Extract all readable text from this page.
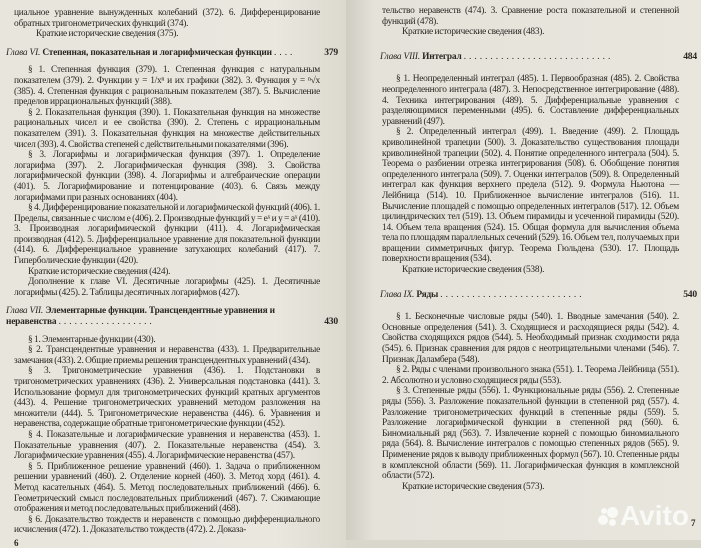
циальное уравнение вынужденных колебаний (372). 6. Дифференцирование обратных тригонометрических функций (374).

Краткие исторические сведения (375).

Глава VI. Степенная, показательная и логарифмическая функции ....	379

§ 1. Степенная функция (379). 1. Степенная функция с натуральным показателем (379). 2. Функции y = 1/xⁿ и их графики (382). 3. Функция y = ⁿ√x (385). 4. Степенная функция с рациональным показателем (387). 5. Вычисление пределов иррациональных функций (388).

§ 2. Показательная функция (390). 1. Показательная функция на множестве рациональных чисел и ее свойства (390). 2. Степень с иррациональным показателем (391). 3. Показательная функция на множестве действительных чисел (393). 4. Свойства степеней с действительными показателями (396).

§ 3. Логарифмы и логарифмическая функция (397). 1. Определение логарифма (397). 2. Логарифмическая функция (398). 3. Свойства логарифмической функции (398). 4. Логарифмы и алгебраические операции (401). 5. Логарифмирование и потенцирование (403). 6. Связь между логарифмами при разных основаниях (404).

§ 4. Дифференцирование показательной и логарифмической функций (406). 1. Пределы, связанные с числом e (406). 2. Производные функций y = eˣ и y = aˣ (410). 3. Производная логарифмической функции (411). 4. Логарифмическая производная (412). 5. Дифференциальное уравнение для показательной функции (414). 6. Дифференциальное уравнение затухающих колебаний (417). 7. Гиперболические функции (420).

Краткие исторические сведения (424).

Дополнение к главе VI. Десятичные логарифмы (425). 1. Десятичные логарифмы (425). 2. Таблицы десятичных логарифмов (427).

Глава VII. Элементарные функции. Трансцендентные уравнения и неравенства ..................	430

§ 1. Элементарные функции (430).

§ 2. Трансцендентные уравнения и неравенства (433). 1. Предварительные замечания (433). 2. Общие приемы решения трансцендентных уравнений (434).

§ 3. Тригонометрические уравнения (436). 1. Подстановки в тригонометрических уравнениях (436). 2. Универсальная подстановка (441). 3. Использование формул для тригонометрических функций кратных аргументов (443). 4. Решение тригонометрических уравнений методом разложения на множители (444). 5. Тригонометрические неравенства (446). 6. Уравнения и неравенства, содержащие обратные тригонометрические функции (452).

§ 4. Показательные и логарифмические уравнения и неравенства (453). 1. Показательные уравнения (407). 2. Показательные неравенства (454). 3. Логарифмические уравнения (455). 4. Логарифмические неравенства (457).

§ 5. Приближенное решение уравнений (460). 1. Задача о приближенном решении уравнений (460). 2. Отделение корней (460). 3. Метод хорд (461). 4. Метод касательных (464). 5. Метод последовательных приближений (466). 6. Геометрический смысл последовательных приближений (467). 7. Сжимающие отображения и метод последовательных приближений (468).

§ 6. Доказательство тождеств и неравенств с помощью дифференциального исчисления (472). 1. Доказательство тождеств (472). 2. Доказа-

6

тельство неравенств (474). 3. Сравнение роста показательной и степенной функций (478).

Краткие исторические сведения (483).

Глава VIII. Интеграл ............................	484

§ 1. Неопределенный интеграл (485). 1. Первообразная (485). 2. Свойства неопределенного интеграла (487). 3. Непосредственное интегрирование (488). 4. Техника интегрирования (489). 5. Дифференциальные уравнения с разделяющимися переменными (495). 6. Составление дифференциальных уравнений (497).

§ 2. Определенный интеграл (499). 1. Введение (499). 2. Площадь криволинейной трапеции (500). 3. Доказательство существования площади криволинейной трапеции (502). 4. Понятие определенного интеграла (504). 5. Теорема о разбиении отрезка интегрирования (508). 6. Обобщение понятия определенного интеграла (509). 7. Оценки интегралов (509). 8. Определенный интеграл как функция верхнего предела (512). 9. Формула Ньютона — Лейбница (514). 10. Приближенное вычисление интегралов (516). 11. Вычисление площадей с помощью определенных интегралов (517). 12. Объем цилиндрических тел (519). 13. Объем пирамиды и усеченной пирамиды (520). 14. Объем тела вращения (524). 15. Общая формула для вычисления объема тела по площадям параллельных сечений (529). 16. Объем тел, получаемых при вращении симметричных фигур. Теорема Гюльдена (530). 17. Площадь поверхности вращения (534).

Краткие исторические сведения (538).

Глава IX. Ряды ...........................	540

§ 1. Бесконечные числовые ряды (540). 1. Вводные замечания (540). 2. Основные определения (541). 3. Сходящиеся и расходящиеся ряды (542). 4. Свойства сходящихся рядов (544). 5. Необходимый признак сходимости ряда (545). 6. Признак сравнения для рядов с неотрицательными членами (546). 7. Признак Даламбера (548).

§ 2. Ряды с членами произвольного знака (551). 1. Теорема Лейбница (551). 2. Абсолютно и условно сходящиеся ряды (553).

§ 3. Степенные ряды (556). 1. Функциональные ряды (556). 2. Степенные ряды (556). 3. Разложение показательной функции в степенной ряд (557). 4. Разложение тригонометрических функций в степенные ряды (559). 5. Разложение логарифмической функции в степенной ряд (560). 6. Биномиальный ряд (563). 7. Извлечение корней с помощью биномиального ряда (564). 8. Вычисление интегралов с помощью степенных рядов (565). 9. Применение рядов к выводу приближенных формул (567). 10. Степенные ряды в комплексной области (569). 11. Логарифмическая функция в комплексной области (572).

Краткие исторические сведения (573).

7
Avito
